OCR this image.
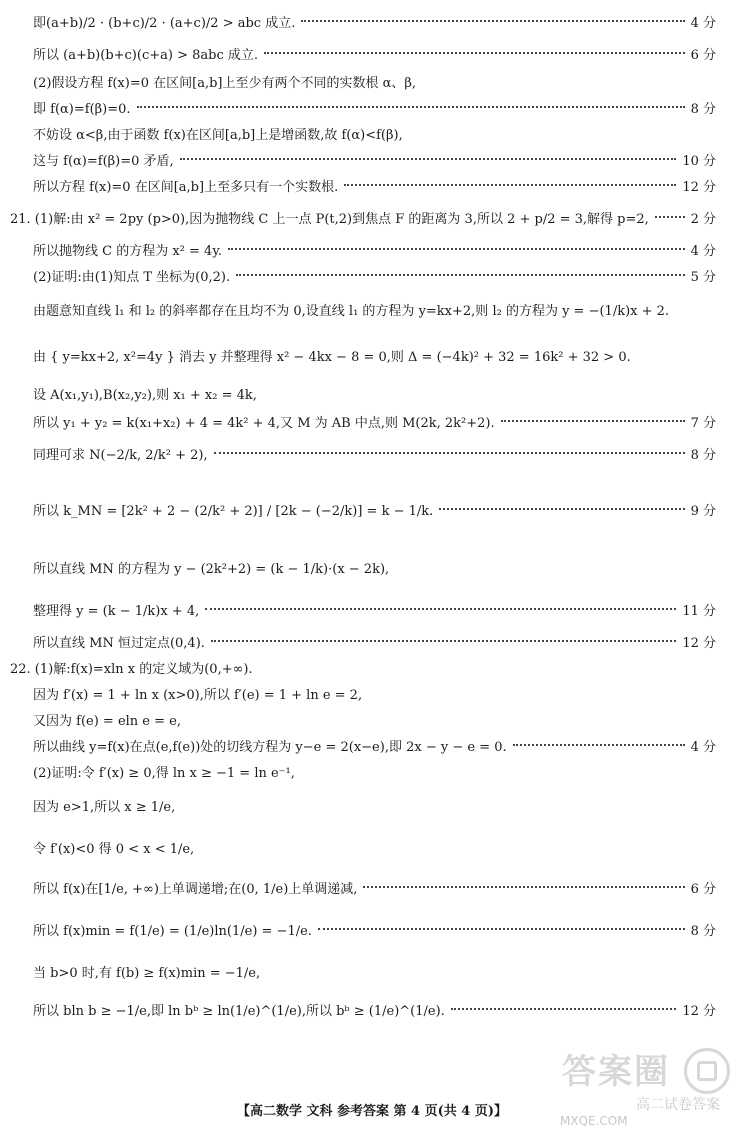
即(a+b)/2 · (b+c)/2 · (a+c)/2 > abc 成立.	4 分
所以 (a+b)(b+c)(c+a) > 8abc 成立.	6 分
(2)假设方程 f(x)=0 在区间[a,b]上至少有两个不同的实数根 α、β,
即 f(α)=f(β)=0.	8 分
不妨设 α<β,由于函数 f(x)在区间[a,b]上是增函数,故 f(α)<f(β),
这与 f(α)=f(β)=0 矛盾,	10 分
所以方程 f(x)=0 在区间[a,b]上至多只有一个实数根.	12 分
21. (1)解:由 x² = 2py (p>0),因为抛物线 C 上一点 P(t,2)到焦点 F 的距离为 3,所以 2 + p/2 = 3,解得 p=2,	2 分
所以抛物线 C 的方程为 x² = 4y.	4 分
(2)证明:由(1)知点 T 坐标为(0,2).	5 分
由题意知直线 l₁ 和 l₂ 的斜率都存在且均不为 0,设直线 l₁ 的方程为 y=kx+2,则 l₂ 的方程为 y = −(1/k)x + 2.
由 { y=kx+2, x²=4y } 消去 y 并整理得 x² − 4kx − 8 = 0,则 Δ = (−4k)² + 32 = 16k² + 32 > 0.
设 A(x₁,y₁),B(x₂,y₂),则 x₁ + x₂ = 4k,
所以 y₁ + y₂ = k(x₁+x₂) + 4 = 4k² + 4,又 M 为 AB 中点,则 M(2k, 2k²+2).	7 分
同理可求 N(−2/k, 2/k² + 2),	8 分
所以 k_MN = [2k² + 2 − (2/k² + 2)] / [2k − (−2/k)] = k − 1/k.	9 分
所以直线 MN 的方程为 y − (2k²+2) = (k − 1/k)·(x − 2k),
整理得 y = (k − 1/k)x + 4,	11 分
所以直线 MN 恒过定点(0,4).	12 分
22. (1)解:f(x)=xln x 的定义域为(0,+∞).
因为 f′(x) = 1 + ln x (x>0),所以 f′(e) = 1 + ln e = 2,
又因为 f(e) = eln e = e,
所以曲线 y=f(x)在点(e,f(e))处的切线方程为 y−e = 2(x−e),即 2x − y − e = 0.	4 分
(2)证明:令 f′(x) ≥ 0,得 ln x ≥ −1 = ln e⁻¹,
因为 e>1,所以 x ≥ 1/e,
令 f′(x)<0 得 0 < x < 1/e,
所以 f(x)在[1/e, +∞)上单调递增;在(0, 1/e)上单调递减,	6 分
所以 f(x)min = f(1/e) = (1/e)ln(1/e) = −1/e.	8 分
当 b>0 时,有 f(b) ≥ f(x)min = −1/e,
所以 bln b ≥ −1/e,即 ln bᵇ ≥ ln(1/e)^(1/e),所以 bᵇ ≥ (1/e)^(1/e).	12 分
【高二数学 文科 参考答案 第 4 页(共 4 页)】
答案圈
高二试卷答案
MXQE.COM
